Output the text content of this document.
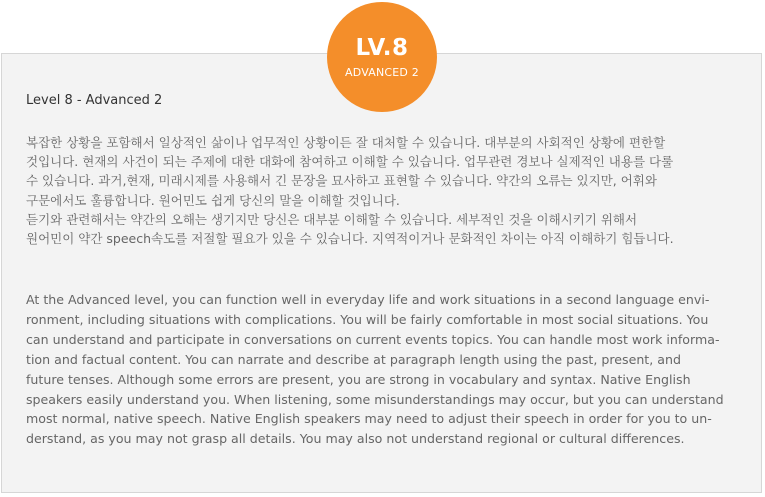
LV.8
ADVANCED 2
Level 8 - Advanced 2

복잡한 상황을 포함해서 일상적인 삶이나 업무적인 상황이든 잘 대처할 수 있습니다. 대부분의 사회적인 상황에 편한할
것입니다. 현재의 사건이 되는 주제에 대한 대화에 참여하고 이해할 수 있습니다. 업무관련 경보나 실제적인 내용를 다룰
수 있습니다. 과거,현재, 미래시제를 사용해서 긴 문장을 묘사하고 표현할 수 있습니다. 약간의 오류는 있지만, 어휘와
구문에서도 훌륭합니다. 원어민도 쉽게 당신의 말을 이해할 것입니다.
듣기와 관련해서는 약간의 오해는 생기지만 당신은 대부분 이해할 수 있습니다. 세부적인 것을 이해시키기 위해서
원어민이 약간 speech속도를 저절할 필요가 있을 수 있습니다. 지역적이거나 문화적인 차이는 아직 이해하기 힘듭니다.

At the Advanced level, you can function well in everyday life and work situations in a second language envi-
ronment, including situations with complications. You will be fairly comfortable in most social situations. You
can understand and participate in conversations on current events topics. You can handle most work informa-
tion and factual content. You can narrate and describe at paragraph length using the past, present, and
future tenses. Although some errors are present, you are strong in vocabulary and syntax. Native English
speakers easily understand you. When listening, some misunderstandings may occur, but you can understand
most normal, native speech. Native English speakers may need to adjust their speech in order for you to un-
derstand, as you may not grasp all details. You may also not understand regional or cultural differences.
